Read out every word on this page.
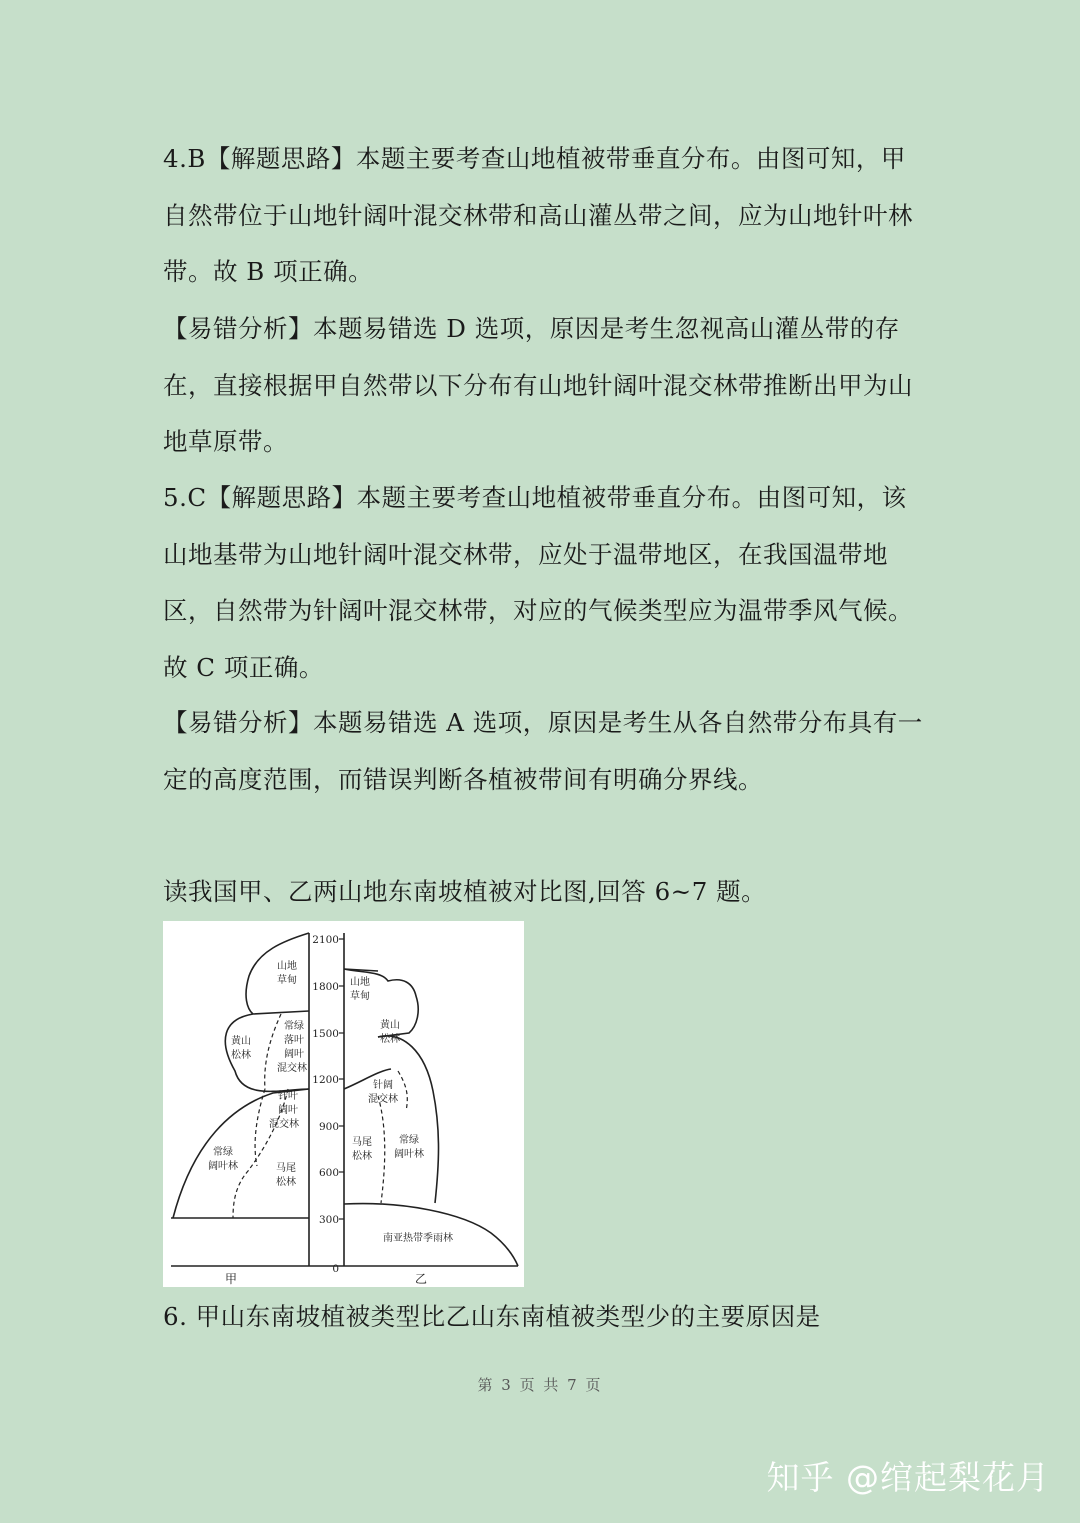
4.B【解题思路】本题主要考查山地植被带垂直分布。由图可知，甲自然带位于山地针阔叶混交林带和高山灌丛带之间，应为山地针叶林带。故 B 项正确。

【易错分析】本题易错选 D 选项，原因是考生忽视高山灌丛带的存在，直接根据甲自然带以下分布有山地针阔叶混交林带推断出甲为山地草原带。

5.C【解题思路】本题主要考查山地植被带垂直分布。由图可知，该山地基带为山地针阔叶混交林带，应处于温带地区，在我国温带地区，自然带为针阔叶混交林带，对应的气候类型应为温带季风气候。故 C 项正确。

【易错分析】本题易错选 A 选项，原因是考生从各自然带分布具有一定的高度范围，而错误判断各植被带间有明确分界线。

读我国甲、乙两山地东南坡植被对比图,回答 6~7 题。

2100
1800
1500
1200
900
600
300
0
山地
草甸
黄山
松林
常绿
落叶
阔叶
混交林
针叶
阔叶
混交林
常绿
阔叶林	马尾
松林
山地
草甸
黄山
松林
针阔
混交林
马尾
松林
常绿
阔叶林
南亚热带季雨林
甲	乙

6. 甲山东南坡植被类型比乙山东南植被类型少的主要原因是

第 3 页 共 7 页
知乎 @绾起梨花月
